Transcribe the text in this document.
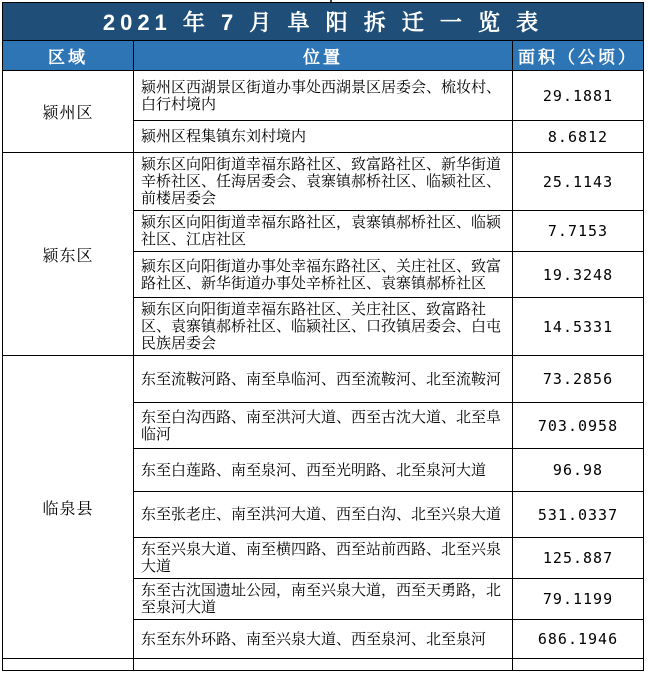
2021 年 7 月 阜 阳 拆 迁 一 览 表		
区域	位置	面积（公顷）
颍州区	颍州区西湖景区街道办事处西湖景区居委会、梳妆村、白行村境内	29.1881
	颍州区程集镇东刘村境内	8.6812
颍东区	颍东区向阳街道幸福东路社区、致富路社区、新华街道辛桥社区、任海居委会、袁寨镇郝桥社区、临颍社区、前楼居委会	25.1143
	颍东区向阳街道幸福东路社区，袁寨镇郝桥社区、临颍社区、江店社区	7.7153
	颍东区向阳街道办事处幸福东路社区、关庄社区、致富路社区、新华街道办事处辛桥社区、袁寨镇郝桥社区	19.3248
	颍东区向阳街道幸福东路社区、关庄社区、致富路社区、袁寨镇郝桥社区、临颍社区、口孜镇居委会、白屯民族居委会	14.5331
临泉县	东至流鞍河路、南至阜临河、西至流鞍河、北至流鞍河	73.2856
	东至白沟西路、南至洪河大道、西至古沈大道、北至阜临河	703.0958
	东至白莲路、南至泉河、西至光明路、北至泉河大道	96.98
	东至张老庄、南至洪河大道、西至白沟、北至兴泉大道	531.0337
	东至兴泉大道、南至横四路、西至站前西路、北至兴泉大道	125.887
	东至古沈国遗址公园，南至兴泉大道，西至天勇路，北至泉河大道	79.1199
	东至东外环路、南至兴泉大道、西至泉河、北至泉河	686.1946
